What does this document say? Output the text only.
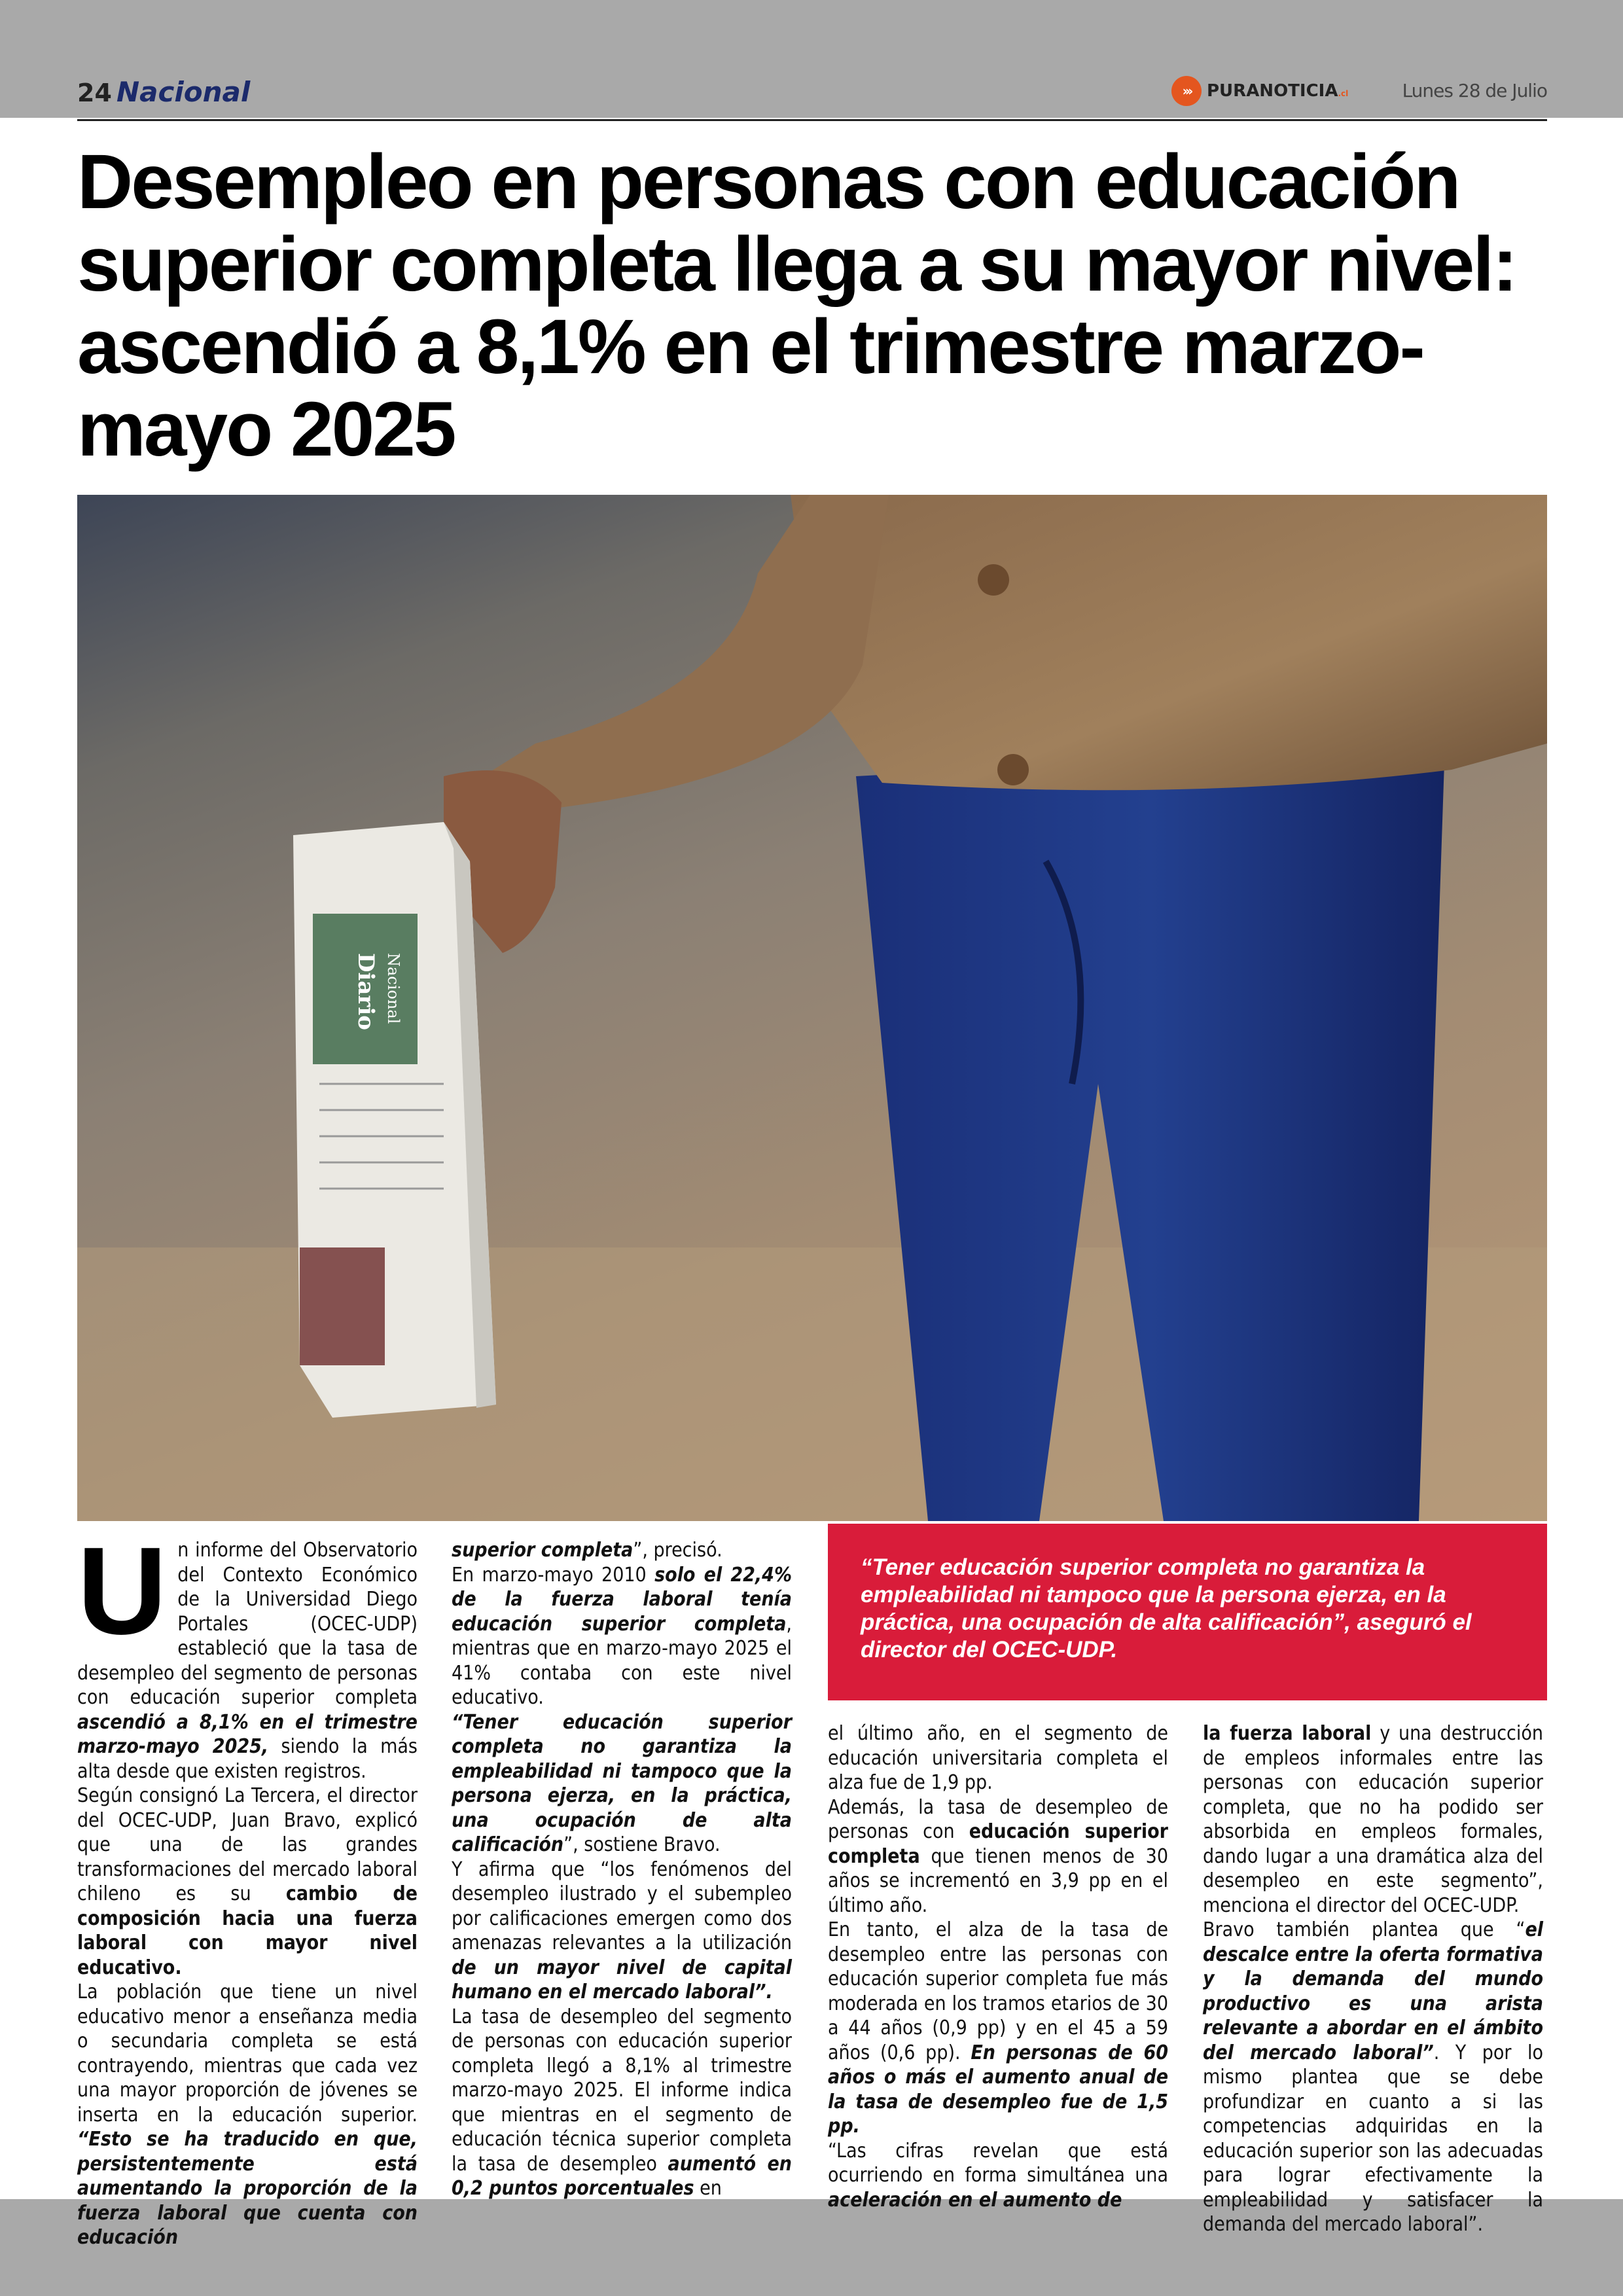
24 Nacional	››› PURANOTICIA.cl	Lunes 28 de Julio
Desempleo en personas con educación superior completa llega a su mayor nivel: ascendió a 8,1% en el trimestre marzo-mayo 2025
Diario Nacional
U n informe del Observatorio del Contexto Económico de la Universidad Diego Portales (OCEC-UDP) estableció que la tasa de desempleo del segmento de personas con educación superior completa ascendió a 8,1% en el trimestre marzo-mayo 2025, siendo la más alta desde que existen registros.

Según consignó La Tercera, el director del OCEC-UDP, Juan Bravo, explicó que una de las grandes transformaciones del mercado laboral chileno es su cambio de composición hacia una fuerza laboral con mayor nivel educativo.

La población que tiene un nivel educativo menor a enseñanza media o secundaria completa se está contrayendo, mientras que cada vez una mayor proporción de jóvenes se inserta en la educación superior. “Esto se ha traducido en que, persistentemente está aumentando la proporción de la fuerza laboral que cuenta con educación

superior completa”, precisó.

En marzo-mayo 2010 solo el 22,4% de la fuerza laboral tenía educación superior completa, mientras que en marzo-mayo 2025 el 41% contaba con este nivel educativo.

“Tener educación superior completa no garantiza la empleabilidad ni tampoco que la persona ejerza, en la práctica, una ocupación de alta calificación”, sostiene Bravo.

Y afirma que “los fenómenos del desempleo ilustrado y el subempleo por calificaciones emergen como dos amenazas relevantes a la utilización de un mayor nivel de capital humano en el mercado laboral”.

La tasa de desempleo del segmento de personas con educación superior completa llegó a 8,1% al trimestre marzo-mayo 2025. El informe indica que mientras en el segmento de educación técnica superior completa la tasa de desempleo aumentó en 0,2 puntos porcentuales en

“Tener educación superior completa no garantiza la empleabilidad ni tampoco que la persona ejerza, en la práctica, una ocupación de alta calificación”, aseguró el director del OCEC-UDP.

el último año, en el segmento de educación universitaria completa el alza fue de 1,9 pp.

Además, la tasa de desempleo de personas con educación superior completa que tienen menos de 30 años se incrementó en 3,9 pp en el último año.

En tanto, el alza de la tasa de desempleo entre las personas con educación superior completa fue más moderada en los tramos etarios de 30 a 44 años (0,9 pp) y en el 45 a 59 años (0,6 pp). En personas de 60 años o más el aumento anual de la tasa de desempleo fue de 1,5 pp.

“Las cifras revelan que está ocurriendo en forma simultánea una aceleración en el aumento de

la fuerza laboral y una destrucción de empleos informales entre las personas con educación superior completa, que no ha podido ser absorbida en empleos formales, dando lugar a una dramática alza del desempleo en este segmento”, menciona el director del OCEC-UDP.

Bravo también plantea que “el descalce entre la oferta formativa y la demanda del mundo productivo es una arista relevante a abordar en el ámbito del mercado laboral”. Y por lo mismo plantea que se debe profundizar en cuanto a si las competencias adquiridas en la educación superior son las adecuadas para lograr efectivamente la empleabilidad y satisfacer la demanda del mercado laboral”.
